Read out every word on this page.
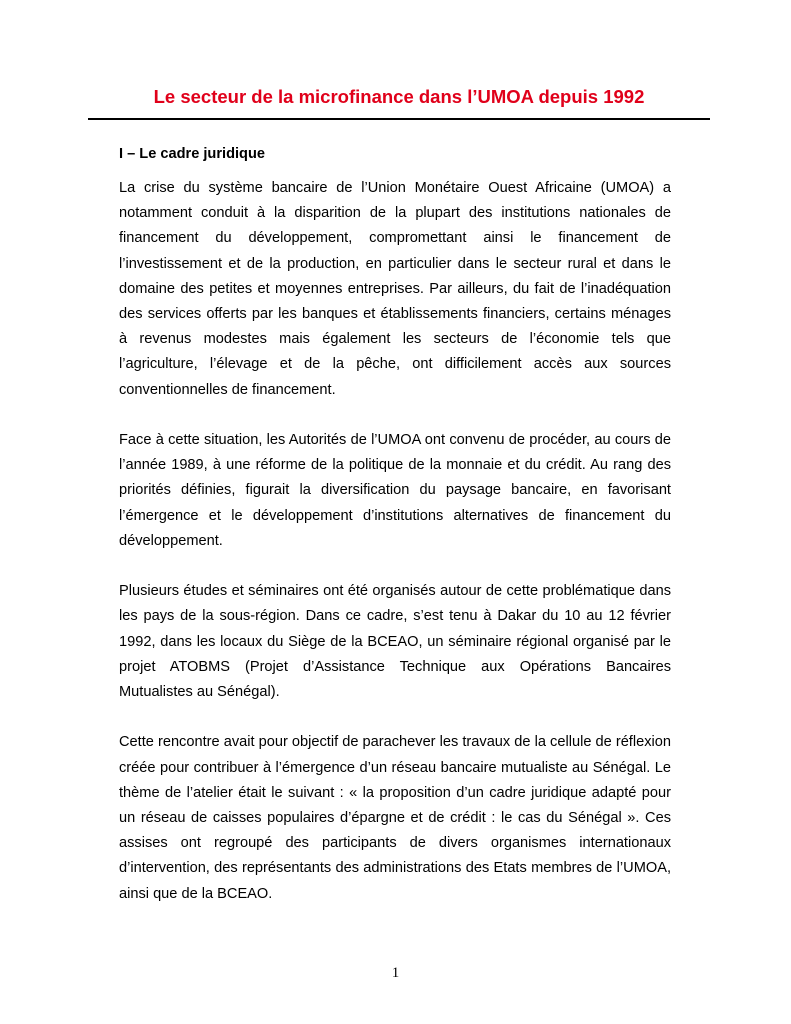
Le secteur de la microfinance dans l’UMOA depuis 1992
I – Le cadre juridique

La crise du système bancaire de l’Union Monétaire Ouest Africaine (UMOA) a notamment conduit à la disparition de la plupart des institutions nationales de financement du développement, compromettant ainsi le financement de l’investissement et de la production, en particulier dans le secteur rural et dans le domaine des petites et moyennes entreprises. Par ailleurs, du fait de l’inadéquation des services offerts par les banques et établissements financiers, certains ménages à revenus modestes mais également les secteurs de l’économie tels que l’agriculture, l’élevage et de la pêche, ont difficilement accès aux sources conventionnelles de financement.

Face à cette situation, les Autorités de l’UMOA ont convenu de procéder, au cours de l’année 1989, à une réforme de la politique de la monnaie et du crédit. Au rang des priorités définies, figurait la diversification du paysage bancaire, en favorisant l’émergence et le développement d’institutions alternatives de financement du développement.

Plusieurs études et séminaires ont été organisés autour de cette problématique dans les pays de la sous-région. Dans ce cadre, s’est tenu à Dakar du 10 au 12 février 1992, dans les locaux du Siège de la BCEAO, un séminaire régional organisé par le projet ATOBMS (Projet d’Assistance Technique aux Opérations Bancaires Mutualistes au Sénégal).

Cette rencontre avait pour objectif de parachever les travaux de la cellule de réflexion créée pour contribuer à l’émergence d’un réseau bancaire mutualiste au Sénégal. Le thème de l’atelier était le suivant : « la proposition d’un cadre juridique adapté pour un réseau de caisses populaires d’épargne et de crédit : le cas du Sénégal ». Ces assises ont regroupé des participants de divers organismes internationaux d’intervention, des représentants des administrations des Etats membres de l’UMOA, ainsi que de la BCEAO.

1
